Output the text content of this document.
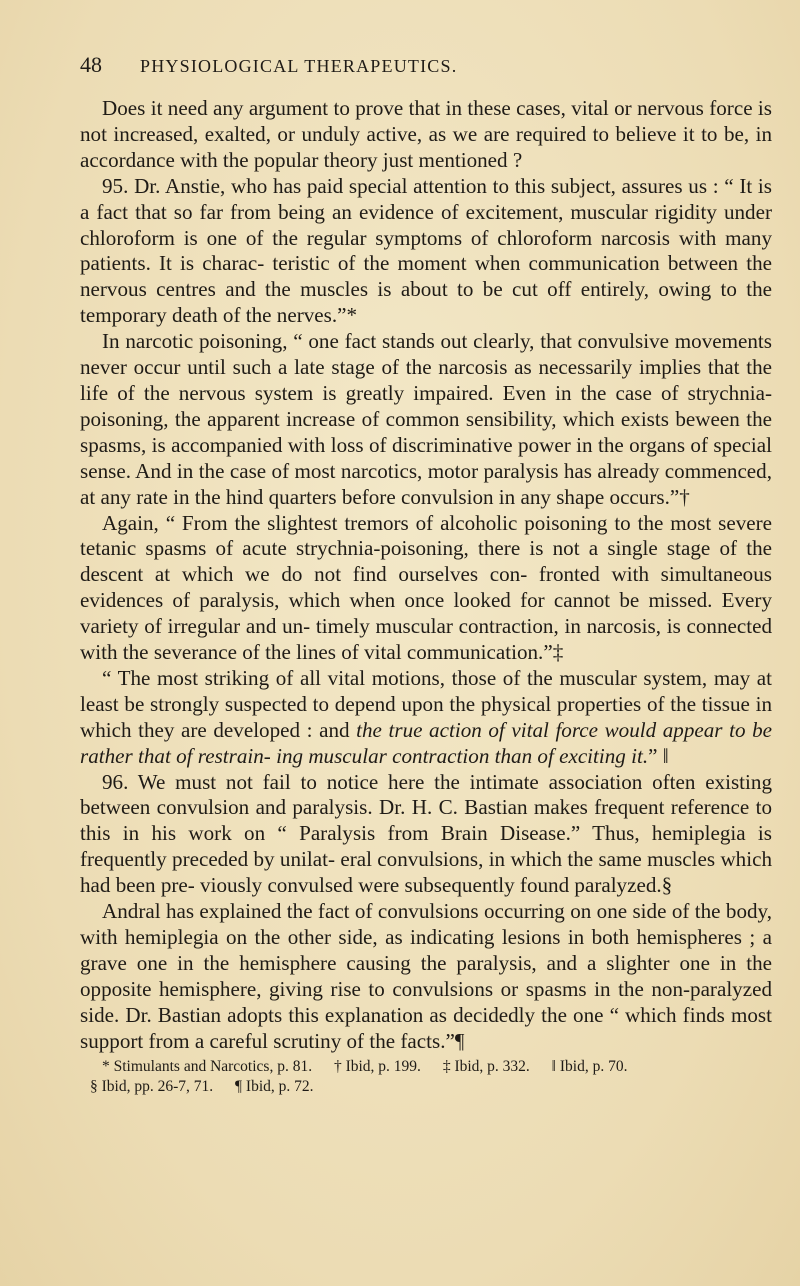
48	PHYSIOLOGICAL THERAPEUTICS.

Does it need any argument to prove that in these cases, vital or nervous force is not increased, exalted, or unduly active, as we are required to believe it to be, in accordance with the popular theory just mentioned ?

95. Dr. Anstie, who has paid special attention to this subject, assures us : “ It is a fact that so far from being an evidence of excitement, muscular rigidity under chloroform is one of the regular symptoms of chloroform narcosis with many patients. It is charac- teristic of the moment when communication between the nervous centres and the muscles is about to be cut off entirely, owing to the temporary death of the nerves.”*

In narcotic poisoning, “ one fact stands out clearly, that convulsive movements never occur until such a late stage of the narcosis as necessarily implies that the life of the nervous system is greatly impaired. Even in the case of strychnia-poisoning, the apparent increase of common sensibility, which exists beween the spasms, is accompanied with loss of discriminative power in the organs of special sense. And in the case of most narcotics, motor paralysis has already commenced, at any rate in the hind quarters before convulsion in any shape occurs.”†

Again, “ From the slightest tremors of alcoholic poisoning to the most severe tetanic spasms of acute strychnia-poisoning, there is not a single stage of the descent at which we do not find ourselves con- fronted with simultaneous evidences of paralysis, which when once looked for cannot be missed. Every variety of irregular and un- timely muscular contraction, in narcosis, is connected with the severance of the lines of vital communication.”‡

“ The most striking of all vital motions, those of the muscular system, may at least be strongly suspected to depend upon the physical properties of the tissue in which they are developed : and the true action of vital force would appear to be rather that of restrain- ing muscular contraction than of exciting it.” ‖

96. We must not fail to notice here the intimate association often existing between convulsion and paralysis. Dr. H. C. Bastian makes frequent reference to this in his work on “ Paralysis from Brain Disease.” Thus, hemiplegia is frequently preceded by unilat- eral convulsions, in which the same muscles which had been pre- viously convulsed were subsequently found paralyzed.§

Andral has explained the fact of convulsions occurring on one side of the body, with hemiplegia on the other side, as indicating lesions in both hemispheres ; a grave one in the hemisphere causing the paralysis, and a slighter one in the opposite hemisphere, giving rise to convulsions or spasms in the non-paralyzed side. Dr. Bastian adopts this explanation as decidedly the one “ which finds most support from a careful scrutiny of the facts.”¶

* Stimulants and Narcotics, p. 81. † Ibid, p. 199. ‡ Ibid, p. 332. ‖ Ibid, p. 70.
§ Ibid, pp. 26-7, 71. ¶ Ibid, p. 72.
